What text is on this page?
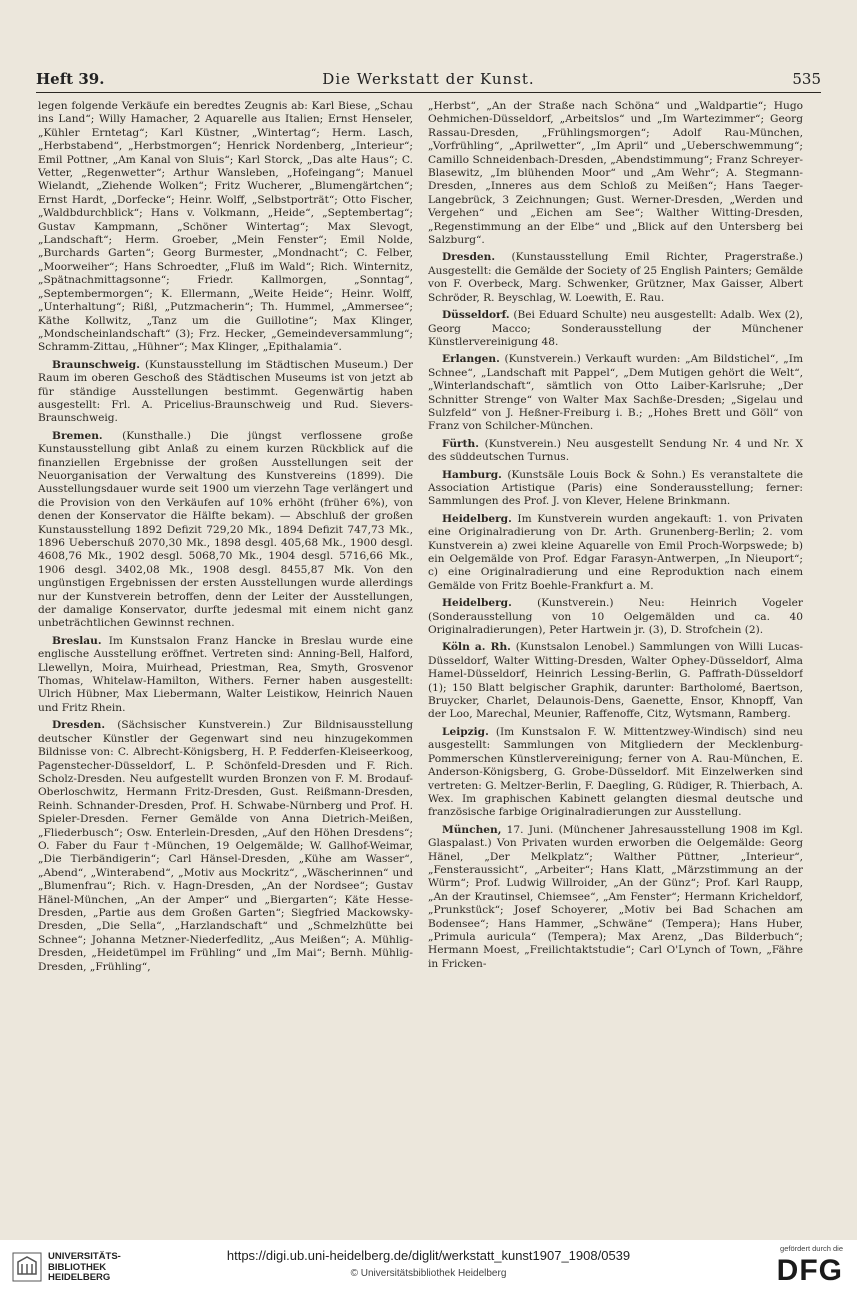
Heft 39.	Die Werkstatt der Kunst.	535

legen folgende Verkäufe ein beredtes Zeugnis ab: Karl Biese, „Schau ins Land“; Willy Hamacher, 2 Aquarelle aus Italien; Ernst Henseler, „Kühler Erntetag“; Karl Küstner, „Wintertag“; Herm. Lasch, „Herbstabend“, „Herbstmorgen“; Henrick Nordenberg, „Interieur“; Emil Pottner, „Am Kanal von Sluis“; Karl Storck, „Das alte Haus“; C. Vetter, „Regenwetter“; Arthur Wansleben, „Hofeingang“; Manuel Wielandt, „Ziehende Wolken“; Fritz Wucherer, „Blumengärtchen“; Ernst Hardt, „Dorfecke“; Heinr. Wolff, „Selbstporträt“; Otto Fischer, „Waldbdurchblick“; Hans v. Volkmann, „Heide“, „Septembertag“; Gustav Kampmann, „Schöner Wintertag“; Max Slevogt, „Landschaft“; Herm. Groeber, „Mein Fenster“; Emil Nolde, „Burchards Garten“; Georg Burmester, „Mondnacht“; C. Felber, „Moorweiher“; Hans Schroedter, „Fluß im Wald“; Rich. Winternitz, „Spätnachmittagsonne“; Friedr. Kallmorgen, „Sonntag“, „Septembermorgen“; K. Ellermann, „Weite Heide“; Heinr. Wolff, „Unterhaltung“; Rißl, „Putzmacherin“; Th. Hummel, „Ammersee“; Käthe Kollwitz, „Tanz um die Guillotine“; Max Klinger, „Mondscheinlandschaft“ (3); Frz. Hecker, „Gemeindeversammlung“; Schramm-Zittau, „Hühner“; Max Klinger, „Epithalamia“.

Braunschweig. (Kunstausstellung im Städtischen Museum.) Der Raum im oberen Geschoß des Städtischen Museums ist von jetzt ab für ständige Ausstellungen bestimmt. Gegenwärtig haben ausgestellt: Frl. A. Pricelius-Braunschweig und Rud. Sievers-Braunschweig.

Bremen. (Kunsthalle.) Die jüngst verflossene große Kunstausstellung gibt Anlaß zu einem kurzen Rückblick auf die finanziellen Ergebnisse der großen Ausstellungen seit der Neuorganisation der Verwaltung des Kunstvereins (1899). Die Ausstellungsdauer wurde seit 1900 um vierzehn Tage verlängert und die Provision von den Verkäufen auf 10% erhöht (früher 6%), von denen der Konservator die Hälfte bekam). — Abschluß der großen Kunstausstellung 1892 Defizit 729,20 Mk., 1894 Defizit 747,73 Mk., 1896 Ueberschuß 2070,30 Mk., 1898 desgl. 405,68 Mk., 1900 desgl. 4608,76 Mk., 1902 desgl. 5068,70 Mk., 1904 desgl. 5716,66 Mk., 1906 desgl. 3402,08 Mk., 1908 desgl. 8455,87 Mk. Von den ungünstigen Ergebnissen der ersten Ausstellungen wurde allerdings nur der Kunstverein betroffen, denn der Leiter der Ausstellungen, der damalige Konservator, durfte jedesmal mit einem nicht ganz unbeträchtlichen Gewinnst rechnen.

Breslau. Im Kunstsalon Franz Hancke in Breslau wurde eine englische Ausstellung eröffnet. Vertreten sind: Anning-Bell, Halford, Llewellyn, Moira, Muirhead, Priestman, Rea, Smyth, Grosvenor Thomas, Whitelaw-Hamilton, Withers. Ferner haben ausgestellt: Ulrich Hübner, Max Liebermann, Walter Leistikow, Heinrich Nauen und Fritz Rhein.

Dresden. (Sächsischer Kunstverein.) Zur Bildnisausstellung deutscher Künstler der Gegenwart sind neu hinzugekommen Bildnisse von: C. Albrecht-Königsberg, H. P. Fedderfen-Kleiseerkoog, Pagenstecher-Düsseldorf, L. P. Schönfeld-Dresden und F. Rich. Scholz-Dresden. Neu aufgestellt wurden Bronzen von F. M. Brodauf-Oberloschwitz, Hermann Fritz-Dresden, Gust. Reißmann-Dresden, Reinh. Schnander-Dresden, Prof. H. Schwabe-Nürnberg und Prof. H. Spieler-Dresden. Ferner Gemälde von Anna Dietrich-Meißen, „Fliederbusch“; Osw. Enterlein-Dresden, „Auf den Höhen Dresdens“; O. Faber du Faur †-München, 19 Oelgemälde; W. Gallhof-Weimar, „Die Tierbändigerin“; Carl Hänsel-Dresden, „Kühe am Wasser“, „Abend“, „Winterabend“, „Motiv aus Mockritz“, „Wäscherinnen“ und „Blumenfrau“; Rich. v. Hagn-Dresden, „An der Nordsee“; Gustav Hänel-München, „An der Amper“ und „Biergarten“; Käte Hesse-Dresden, „Partie aus dem Großen Garten“; Siegfried Mackowsky-Dresden, „Die Sella“, „Harzlandschaft“ und „Schmelzhütte bei Schnee“; Johanna Metzner-Niederfedlitz, „Aus Meißen“; A. Mühlig-Dresden, „Heidetümpel im Frühling“ und „Im Mai“; Bernh. Mühlig-Dresden, „Frühling“,

„Herbst“, „An der Straße nach Schöna“ und „Waldpartie“; Hugo Oehmichen-Düsseldorf, „Arbeitslos“ und „Im Wartezimmer“; Georg Rassau-Dresden, „Frühlingsmorgen“; Adolf Rau-München, „Vorfrühling“, „Aprilwetter“, „Im April“ und „Ueberschwemmung“; Camillo Schneidenbach-Dresden, „Abendstimmung“; Franz Schreyer-Blasewitz, „Im blühenden Moor“ und „Am Wehr“; A. Stegmann-Dresden, „Inneres aus dem Schloß zu Meißen“; Hans Taeger-Langebrück, 3 Zeichnungen; Gust. Werner-Dresden, „Werden und Vergehen“ und „Eichen am See“; Walther Witting-Dresden, „Regenstimmung an der Elbe“ und „Blick auf den Untersberg bei Salzburg“.

Dresden. (Kunstausstellung Emil Richter, Pragerstraße.) Ausgestellt: die Gemälde der Society of 25 English Painters; Gemälde von F. Overbeck, Marg. Schwenker, Grützner, Max Gaisser, Albert Schröder, R. Beyschlag, W. Loewith, E. Rau.

Düsseldorf. (Bei Eduard Schulte) neu ausgestellt: Adalb. Wex (2), Georg Macco; Sonderausstellung der Münchener Künstlervereinigung 48.

Erlangen. (Kunstverein.) Verkauft wurden: „Am Bildstichel“, „Im Schnee“, „Landschaft mit Pappel“, „Dem Mutigen gehört die Welt“, „Winterlandschaft“, sämtlich von Otto Laiber-Karlsruhe; „Der Schnitter Strenge“ von Walter Max Sachße-Dresden; „Sigelau und Sulzfeld“ von J. Heßner-Freiburg i. B.; „Hohes Brett und Göll“ von Franz von Schilcher-München.

Fürth. (Kunstverein.) Neu ausgestellt Sendung Nr. 4 und Nr. X des süddeutschen Turnus.

Hamburg. (Kunstsäle Louis Bock & Sohn.) Es veranstaltete die Association Artistique (Paris) eine Sonderausstellung; ferner: Sammlungen des Prof. J. von Klever, Helene Brinkmann.

Heidelberg. Im Kunstverein wurden angekauft: 1. von Privaten eine Originalradierung von Dr. Arth. Grunenberg-Berlin; 2. vom Kunstverein a) zwei kleine Aquarelle von Emil Proch-Worpswede; b) ein Oelgemälde von Prof. Edgar Farasyn-Antwerpen, „In Nieuport“; c) eine Originalradierung und eine Reproduktion nach einem Gemälde von Fritz Boehle-Frankfurt a. M.

Heidelberg. (Kunstverein.) Neu: Heinrich Vogeler (Sonderausstellung von 10 Oelgemälden und ca. 40 Originalradierungen), Peter Hartwein jr. (3), D. Strofchein (2).

Köln a. Rh. (Kunstsalon Lenobel.) Sammlungen von Willi Lucas-Düsseldorf, Walter Witting-Dresden, Walter Ophey-Düsseldorf, Alma Hamel-Düsseldorf, Heinrich Lessing-Berlin, G. Paffrath-Düsseldorf (1); 150 Blatt belgischer Graphik, darunter: Bartholomé, Baertson, Bruycker, Charlet, Delaunois-Dens, Gaenette, Ensor, Khnopff, Van der Loo, Marechal, Meunier, Raffenoffe, Citz, Wytsmann, Ramberg.

Leipzig. (Im Kunstsalon F. W. Mittentzwey-Windisch) sind neu ausgestellt: Sammlungen von Mitgliedern der Mecklenburg-Pommerschen Künstlervereinigung; ferner von A. Rau-München, E. Anderson-Königsberg, G. Grobe-Düsseldorf. Mit Einzelwerken sind vertreten: G. Meltzer-Berlin, F. Daegling, G. Rüdiger, R. Thierbach, A. Wex. Im graphischen Kabinett gelangten diesmal deutsche und französische farbige Originalradierungen zur Ausstellung.

München, 17. Juni. (Münchener Jahresausstellung 1908 im Kgl. Glaspalast.) Von Privaten wurden erworben die Oelgemälde: Georg Hänel, „Der Melkplatz“; Walther Püttner, „Interieur“, „Fensteraussicht“, „Arbeiter“; Hans Klatt, „Märzstimmung an der Würm“; Prof. Ludwig Willroider, „An der Günz“; Prof. Karl Raupp, „An der Krautinsel, Chiemsee“, „Am Fenster“; Hermann Kricheldorf, „Prunkstück“; Josef Schoyerer, „Motiv bei Bad Schachen am Bodensee“; Hans Hammer, „Schwäne“ (Tempera); Hans Huber, „Primula auricula“ (Tempera); Max Arenz, „Das Bilderbuch“; Hermann Moest, „Freilichtaktstudie“; Carl O'Lynch of Town, „Fähre in Fricken-

UNIVERSITÄTS-
BIBLIOTHEK
HEIDELBERG
https://digi.ub.uni-heidelberg.de/diglit/werkstatt_kunst1907_1908/0539
© Universitätsbibliothek Heidelberg
gefördert durch die
DFG
